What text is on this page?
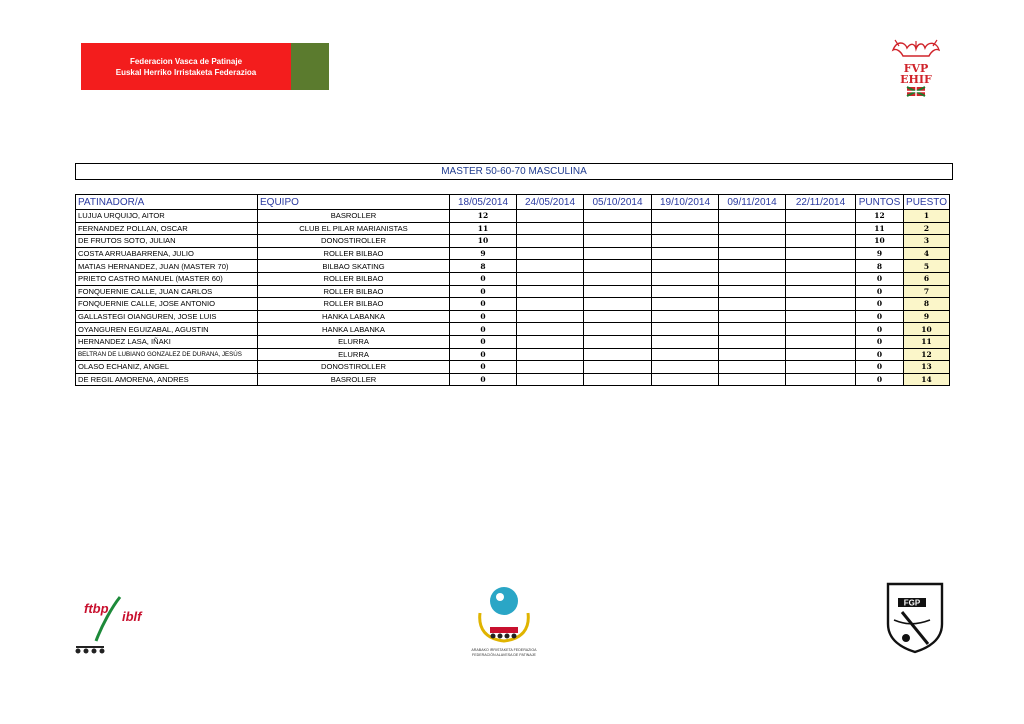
Federacion Vasca de Patinaje
Euskal Herriko Irristaketa Federazioa	FVP
EHIF
MASTER 50-60-70 MASCULINA
PATINADOR/A	EQUIPO	18/05/2014	24/05/2014	05/10/2014	19/10/2014	09/11/2014	22/11/2014	PUNTOS	PUESTO
LUJUA URQUIJO, AITOR	BASROLLER	12						12	1
FERNANDEZ POLLAN, OSCAR	CLUB EL PILAR MARIANISTAS	11						11	2
DE FRUTOS SOTO, JULIAN	DONOSTIROLLER	10						10	3
COSTA ARRUABARRENA, JULIO	ROLLER BILBAO	9						9	4
MATIAS HERNANDEZ, JUAN (MASTER 70)	BILBAO SKATING	8						8	5
PRIETO CASTRO MANUEL (MASTER 60)	ROLLER BILBAO	0						0	6
FONQUERNIE CALLE, JUAN CARLOS	ROLLER BILBAO	0						0	7
FONQUERNIE CALLE, JOSE ANTONIO	ROLLER BILBAO	0						0	8
GALLASTEGI OIANGUREN, JOSE LUIS	HANKA LABANKA	0						0	9
OYANGUREN EGUIZABAL, AGUSTIN	HANKA LABANKA	0						0	10
HERNANDEZ LASA, IÑAKI	ELURRA	0						0	11
BELTRAN DE LUBIANO GONZALEZ DE DURANA, JESÚS	ELURRA	0						0	12
OLASO ECHANIZ, ANGEL	DONOSTIROLLER	0						0	13
DE REGIL AMORENA, ANDRES	BASROLLER	0						0	14
ftbp
iblf
ARABAKO IRRISTAKETA FEDERAZIOA
FEDERACIÓN ALAVESA DE PATINAJE
FGP
